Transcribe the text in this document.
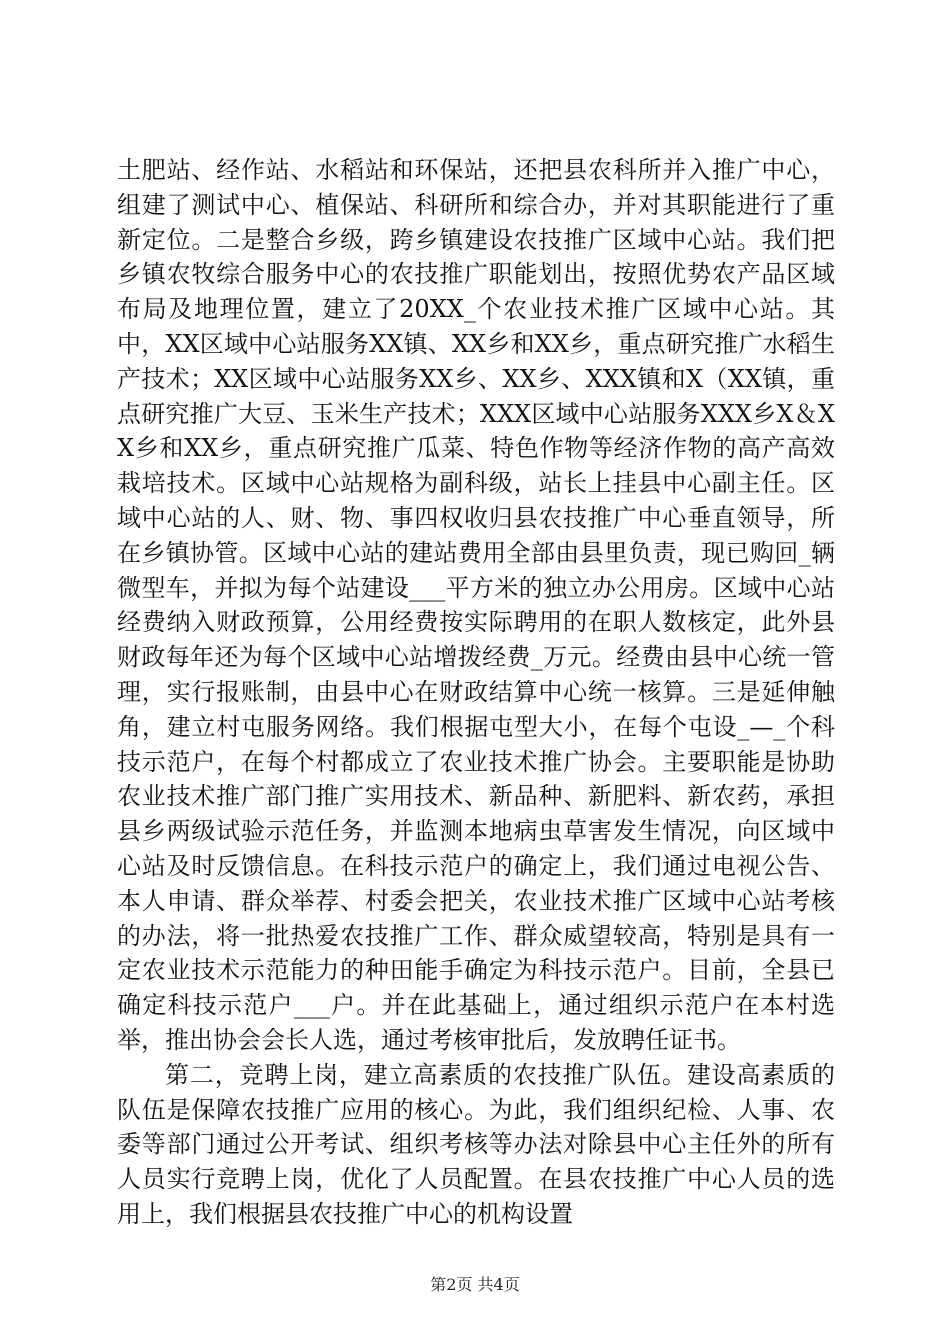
土肥站、经作站、水稻站和环保站，还把县农科所并入推广中心，组建了测试中心、植保站、科研所和综合办，并对其职能进行了重新定位。二是整合乡级，跨乡镇建设农技推广区域中心站。我们把乡镇农牧综合服务中心的农技推广职能划出，按照优势农产品区域布局及地理位置，建立了20XX_个农业技术推广区域中心站。其中，XX区域中心站服务XX镇、XX乡和XX乡，重点研究推广水稻生产技术；XX区域中心站服务XX乡、XX乡、XXX镇和X（XX镇，重点研究推广大豆、玉米生产技术；XXX区域中心站服务XXX乡X＆XX乡和XX乡，重点研究推广瓜菜、特色作物等经济作物的高产高效栽培技术。区域中心站规格为副科级，站长上挂县中心副主任。区域中心站的人、财、物、事四权收归县农技推广中心垂直领导，所在乡镇协管。区域中心站的建站费用全部由县里负责，现已购回_辆微型车，并拟为每个站建设___平方米的独立办公用房。区域中心站经费纳入财政预算，公用经费按实际聘用的在职人数核定，此外县财政每年还为每个区域中心站增拨经费_万元。经费由县中心统一管理，实行报账制，由县中心在财政结算中心统一核算。三是延伸触角，建立村屯服务网络。我们根据屯型大小，在每个屯设_—_个科技示范户，在每个村都成立了农业技术推广协会。主要职能是协助农业技术推广部门推广实用技术、新品种、新肥料、新农药，承担县乡两级试验示范任务，并监测本地病虫草害发生情况，向区域中心站及时反馈信息。在科技示范户的确定上，我们通过电视公告、本人申请、群众举荐、村委会把关，农业技术推广区域中心站考核的办法，将一批热爱农技推广工作、群众威望较高，特别是具有一定农业技术示范能力的种田能手确定为科技示范户。目前，全县已确定科技示范户___户。并在此基础上，通过组织示范户在本村选举，推出协会会长人选，通过考核审批后，发放聘任证书。

第二，竞聘上岗，建立高素质的农技推广队伍。建设高素质的队伍是保障农技推广应用的核心。为此，我们组织纪检、人事、农委等部门通过公开考试、组织考核等办法对除县中心主任外的所有人员实行竞聘上岗，优化了人员配置。在县农技推广中心人员的选用上，我们根据县农技推广中心的机构设置

第2页 共4页
